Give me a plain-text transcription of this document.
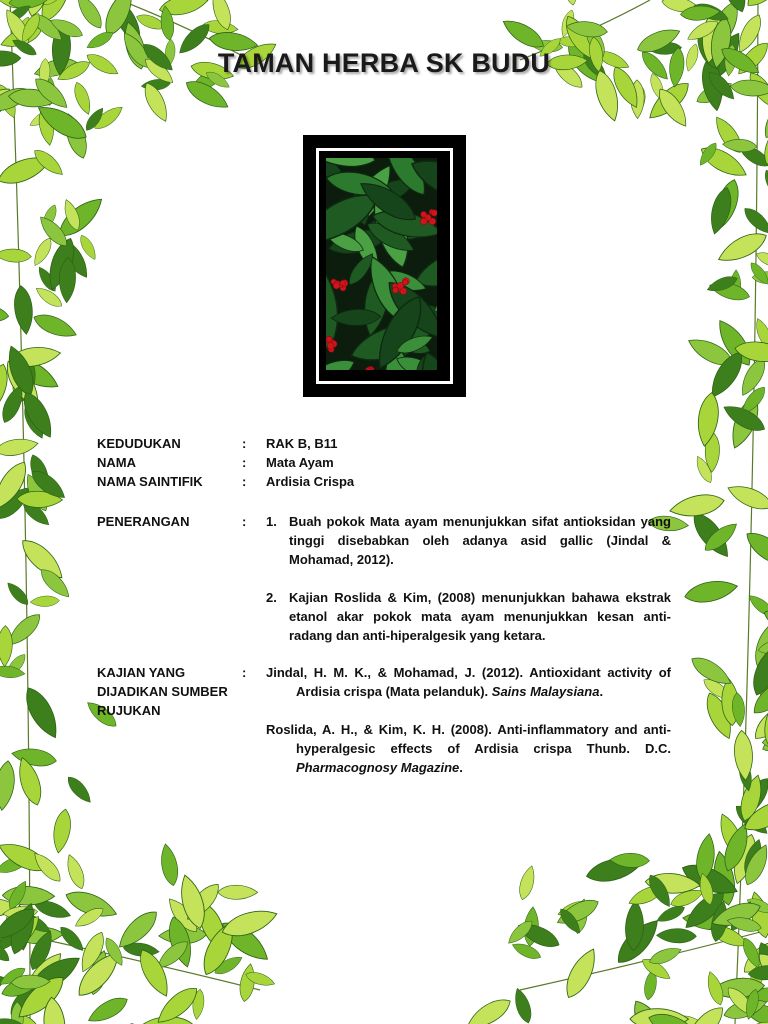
TAMAN HERBA SK BUDU
KEDUDUKAN	: RAK B, B11
NAMA	: Mata Ayam
NAMA SAINTIFIK	: Ardisia Crispa
PENERANGAN	: 1. Buah pokok Mata ayam menunjukkan sifat antioksidan yang tinggi disebabkan oleh adanya asid gallic (Jindal & Mohamad, 2012).
2. Kajian Roslida & Kim, (2008) menunjukkan bahawa ekstrak etanol akar pokok mata ayam menunjukkan kesan anti-radang dan anti-hiperalgesik yang ketara.
KAJIAN YANG
DIJADIKAN SUMBER
RUJUKAN
: Jindal, H. M. K., & Mohamad, J. (2012). Antioxidant activity of Ardisia crispa (Mata pelanduk). Sains Malaysiana.
Roslida, A. H., & Kim, K. H. (2008). Anti-inflammatory and anti-hyperalgesic effects of Ardisia crispa Thunb. D.C. Pharmacognosy Magazine.
